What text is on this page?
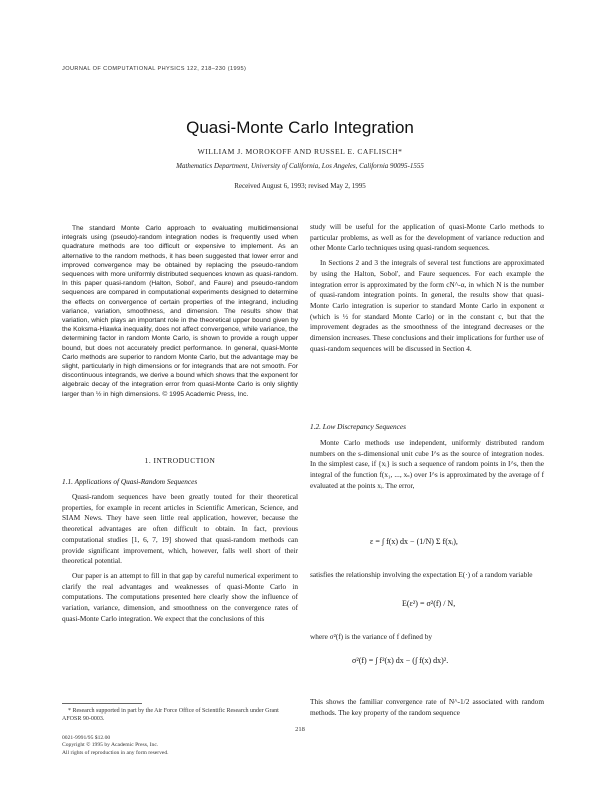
JOURNAL OF COMPUTATIONAL PHYSICS 122, 218–230 (1995)
Quasi-Monte Carlo Integration
WILLIAM J. MOROKOFF AND RUSSEL E. CAFLISCH*
Mathematics Department, University of California, Los Angeles, California 90095-1555
Received August 6, 1993; revised May 2, 1995

The standard Monte Carlo approach to evaluating multidimensional integrals using (pseudo)-random integration nodes is frequently used when quadrature methods are too difficult or expensive to implement. As an alternative to the random methods, it has been suggested that lower error and improved convergence may be obtained by replacing the pseudo-random sequences with more uniformly distributed sequences known as quasi-random. In this paper quasi-random (Halton, Sobol', and Faure) and pseudo-random sequences are compared in computational experiments designed to determine the effects on convergence of certain properties of the integrand, including variance, variation, smoothness, and dimension. The results show that variation, which plays an important role in the theoretical upper bound given by the Koksma-Hlawka inequality, does not affect convergence, while variance, the determining factor in random Monte Carlo, is shown to provide a rough upper bound, but does not accurately predict performance. In general, quasi-Monte Carlo methods are superior to random Monte Carlo, but the advantage may be slight, particularly in high dimensions or for integrands that are not smooth. For discontinuous integrands, we derive a bound which shows that the exponent for algebraic decay of the integration error from quasi-Monte Carlo is only slightly larger than ½ in high dimensions. © 1995 Academic Press, Inc.

1. INTRODUCTION
1.1. Applications of Quasi-Random Sequences

Quasi-random sequences have been greatly touted for their theoretical properties, for example in recent articles in Scientific American, Science, and SIAM News. They have seen little real application, however, because the theoretical advantages are often difficult to obtain. In fact, previous computational studies [1, 6, 7, 19] showed that quasi-random methods can provide significant improvement, which, however, falls well short of their theoretical potential.

Our paper is an attempt to fill in that gap by careful numerical experiment to clarify the real advantages and weaknesses of quasi-Monte Carlo in computations. The computations presented here clearly show the influence of variation, variance, dimension, and smoothness on the convergence rates of quasi-Monte Carlo integration. We expect that the conclusions of this

* Research supported in part by the Air Force Office of Scientific Research under Grant AFOSR 90-0003.

study will be useful for the application of quasi-Monte Carlo methods to particular problems, as well as for the development of variance reduction and other Monte Carlo techniques using quasi-random sequences.

In Sections 2 and 3 the integrals of several test functions are approximated by using the Halton, Sobol', and Faure sequences. For each example the integration error is approximated by the form cN^-α, in which N is the number of quasi-random integration points. In general, the results show that quasi-Monte Carlo integration is superior to standard Monte Carlo in exponent α (which is ½ for standard Monte Carlo) or in the constant c, but that the improvement degrades as the smoothness of the integrand decreases or the dimension increases. These conclusions and their implications for further use of quasi-random sequences will be discussed in Section 4.

1.2. Low Discrepancy Sequences

Monte Carlo methods use independent, uniformly distributed random numbers on the s-dimensional unit cube I^s as the source of integration nodes. In the simplest case, if {xᵢ} is such a sequence of random points in I^s, then the integral of the function f(x₁, ..., xₛ) over I^s is approximated by the average of f evaluated at the points xᵢ. The error,

ε = ∫ f(x) dx − (1/N) Σ f(xᵢ),

satisfies the relationship involving the expectation E(·) of a random variable

E(ε²) = σ²(f) / N,

where σ²(f) is the variance of f defined by

σ²(f) = ∫ f²(x) dx − (∫ f(x) dx)².

This shows the familiar convergence rate of N^-1/2 associated with random methods. The key property of the random sequence

218
0021-9991/95 $12.00
Copyright © 1995 by Academic Press, Inc.
All rights of reproduction in any form reserved.
